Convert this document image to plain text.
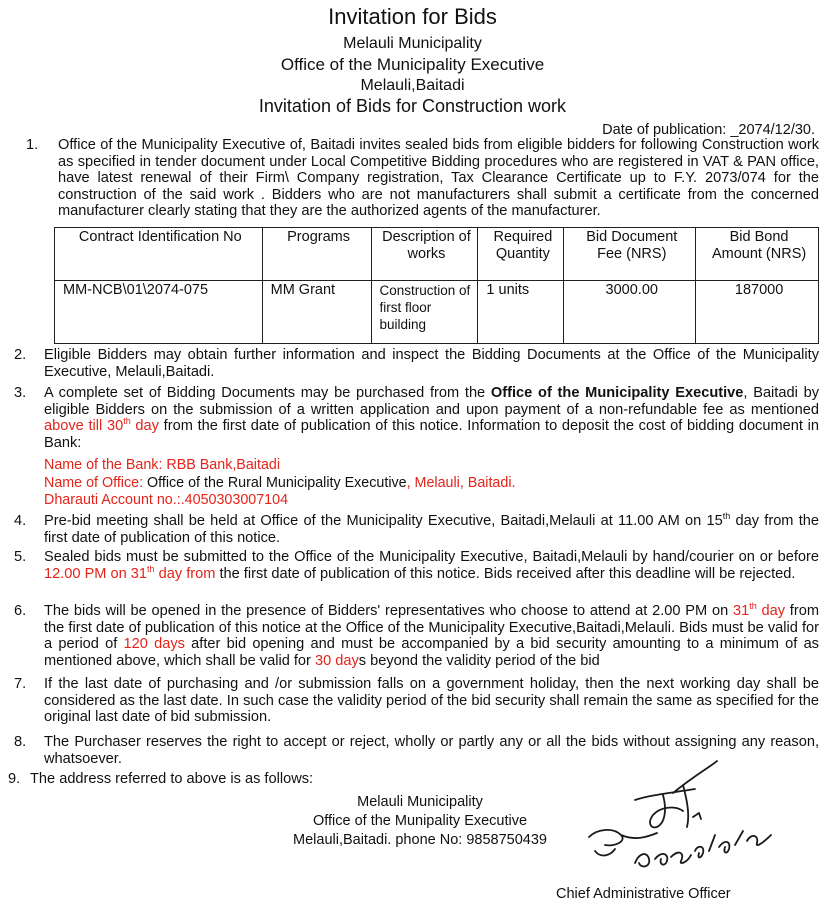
Invitation for Bids
Melauli Municipality
Office of the Municipality Executive
Melauli,Baitadi
Invitation of Bids for Construction work
Date of publication: _2074/12/30.
1. Office of the Municipality Executive of, Baitadi invites sealed bids from eligible bidders for following Construction work as specified in tender document under Local Competitive Bidding procedures who are registered in VAT & PAN office, have latest renewal of their Firm\ Company registration, Tax Clearance Certificate up to F.Y. 2073/074 for the construction of the said work . Bidders who are not manufacturers shall submit a certificate from the concerned manufacturer clearly stating that they are the authorized agents of the manufacturer.
Contract Identification No	Programs	Description of works	Required Quantity	Bid Document Fee (NRS)	Bid Bond Amount (NRS)
MM-NCB\01\2074-075	MM Grant	Construction of first floor building	1 units	3000.00	187000
2. Eligible Bidders may obtain further information and inspect the Bidding Documents at the Office of the Municipality Executive, Melauli,Baitadi.
3. A complete set of Bidding Documents may be purchased from the Office of the Municipality Executive, Baitadi by eligible Bidders on the submission of a written application and upon payment of a non-refundable fee as mentioned above till 30th day from the first date of publication of this notice. Information to deposit the cost of bidding document in Bank:
Name of the Bank: RBB Bank,Baitadi
Name of Office: Office of the Rural Municipality Executive, Melauli, Baitadi.
Dharauti Account no.:.4050303007104
4. Pre-bid meeting shall be held at Office of the Municipality Executive, Baitadi,Melauli at 11.00 AM on 15th day from the first date of publication of this notice.
5. Sealed bids must be submitted to the Office of the Municipality Executive, Baitadi,Melauli by hand/courier on or before 12.00 PM on 31th day from the first date of publication of this notice. Bids received after this deadline will be rejected.
6. The bids will be opened in the presence of Bidders' representatives who choose to attend at 2.00 PM on 31th day from the first date of publication of this notice at the Office of the Municipality Executive,Baitadi,Melauli. Bids must be valid for a period of 120 days after bid opening and must be accompanied by a bid security amounting to a minimum of as mentioned above, which shall be valid for 30 days beyond the validity period of the bid
7. If the last date of purchasing and /or submission falls on a government holiday, then the next working day shall be considered as the last date. In such case the validity period of the bid security shall remain the same as specified for the original last date of bid submission.
8. The Purchaser reserves the right to accept or reject, wholly or partly any or all the bids without assigning any reason, whatsoever.
9. The address referred to above is as follows:
Melauli Municipality
Office of the Munipality Executive
Melauli,Baitadi. phone No: 9858750439
Chief Administrative Officer
